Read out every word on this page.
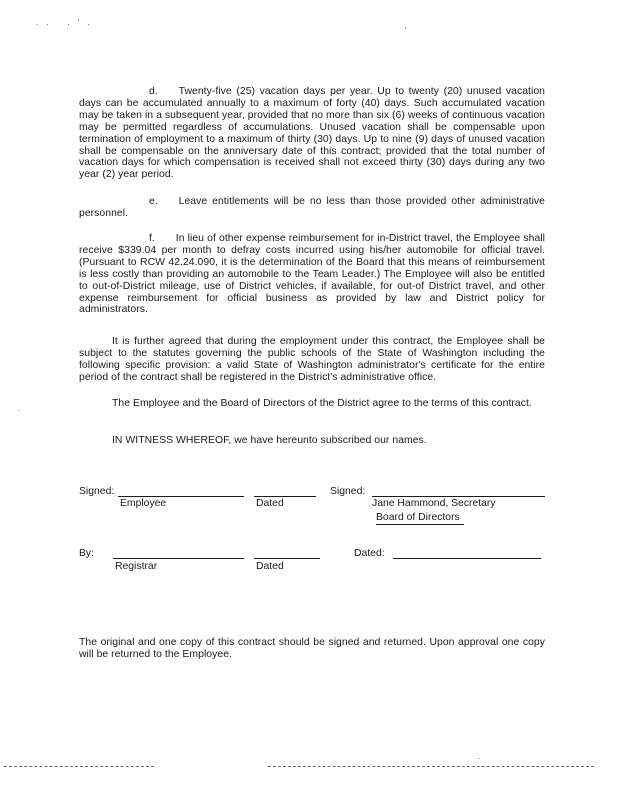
. .   . ' .
'
.

d.  Twenty-five (25) vacation days per year. Up to twenty (20) unused vacation days can be accumulated annually to a maximum of forty (40) days. Such accumulated vacation may be taken in a subsequent year, provided that no more than six (6) weeks of continuous vacation may be permitted regardless of accumulations. Unused vacation shall be compensable upon termination of employment to a maximum of thirty (30) days. Up to nine (9) days of unused vacation shall be compensable on the anniversary date of this contract; provided that the total number of vacation days for which compensation is received shall not exceed thirty (30) days during any two year (2) year period.

e.  Leave entitlements will be no less than those provided other administrative personnel.

f.  In lieu of other expense reimbursement for in-District travel, the Employee shall receive $339.04 per month to defray costs incurred using his/her automobile for official travel. (Pursuant to RCW 42.24.090, it is the determination of the Board that this means of reimbursement is less costly than providing an automobile to the Team Leader.) The Employee will also be entitled to out-of-District mileage, use of District vehicles, if available, for out-of District travel, and other expense reimbursement for official business as provided by law and District policy for administrators.

It is further agreed that during the employment under this contract, the Employee shall be subject to the statutes governing the public schools of the State of Washington including the following specific provision: a valid State of Washington administrator's certificate for the entire period of the contract shall be registered in the District's administrative office.

The Employee and the Board of Directors of the District agree to the terms of this contract.

IN WITNESS WHEREOF, we have hereunto subscribed our names.

Signed:
Employee	Dated
Signed:
Jane Hammond, Secretary
Board of Directors
By:
Registrar	Dated
Dated:

The original and one copy of this contract should be signed and returned. Upon approval one copy will be returned to the Employee.

.
